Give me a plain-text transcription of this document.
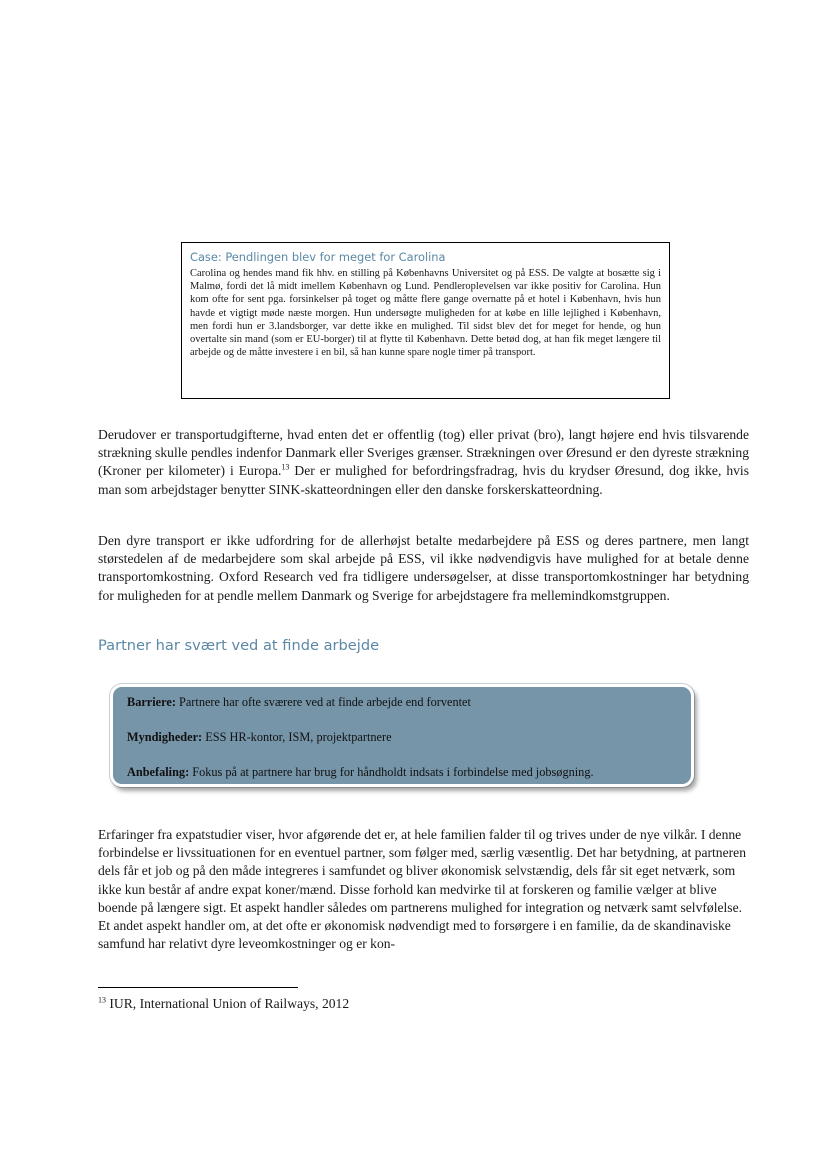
Case: Pendlingen blev for meget for Carolina

Carolina og hendes mand fik hhv. en stilling på Københavns Universitet og på ESS. De valgte at bosætte sig i Malmø, fordi det lå midt imellem København og Lund. Pendleroplevelsen var ikke positiv for Carolina. Hun kom ofte for sent pga. forsinkelser på toget og måtte flere gange overnatte på et hotel i København, hvis hun havde et vigtigt møde næste morgen. Hun undersøgte muligheden for at købe en lille lejlighed i København, men fordi hun er 3.landsborger, var dette ikke en mulighed. Til sidst blev det for meget for hende, og hun overtalte sin mand (som er EU-borger) til at flytte til København. Dette betød dog, at han fik meget længere til arbejde og de måtte investere i en bil, så han kunne spare nogle timer på transport.

Derudover er transportudgifterne, hvad enten det er offentlig (tog) eller privat (bro), langt højere end hvis tilsvarende strækning skulle pendles indenfor Danmark eller Sveriges grænser. Strækningen over Øresund er den dyreste strækning (Kroner per kilometer) i Europa.$^{13}$ Der er mulighed for befordringsfradrag, hvis du krydser Øresund, dog ikke, hvis man som arbejdstager benytter SINK-skatteordningen eller den danske forskerskatteordning.

Den dyre transport er ikke udfordring for de allerhøjst betalte medarbejdere på ESS og deres partnere, men langt størstedelen af de medarbejdere som skal arbejde på ESS, vil ikke nødvendigvis have mulighed for at betale denne transportomkostning. Oxford Research ved fra tidligere undersøgelser, at disse transportomkostninger har betydning for muligheden for at pendle mellem Danmark og Sverige for arbejdstagere fra mellemindkomstgruppen.

Partner har svært ved at finde arbejde

Barriere: Partnere har ofte sværere ved at finde arbejde end forventet

Myndigheder: ESS HR-kontor, ISM, projektpartnere

Anbefaling: Fokus på at partnere har brug for håndholdt indsats i forbindelse med jobsøgning.

Erfaringer fra expatstudier viser, hvor afgørende det er, at hele familien falder til og trives under de nye vilkår. I denne forbindelse er livssituationen for en eventuel partner, som følger med, særlig væsentlig. Det har betydning, at partneren dels får et job og på den måde integreres i samfundet og bliver økonomisk selvstændig, dels får sit eget netværk, som ikke kun består af andre expat koner/mænd. Disse forhold kan medvirke til at forskeren og familie vælger at blive boende på længere sigt. Et aspekt handler således om partnerens mulighed for integration og netværk samt selvfølelse. Et andet aspekt handler om, at det ofte er økonomisk nødvendigt med to forsørgere i en familie, da de skandinaviske samfund har relativt dyre leveomkostninger og er kon-

$^{13}$ IUR, International Union of Railways, 2012
